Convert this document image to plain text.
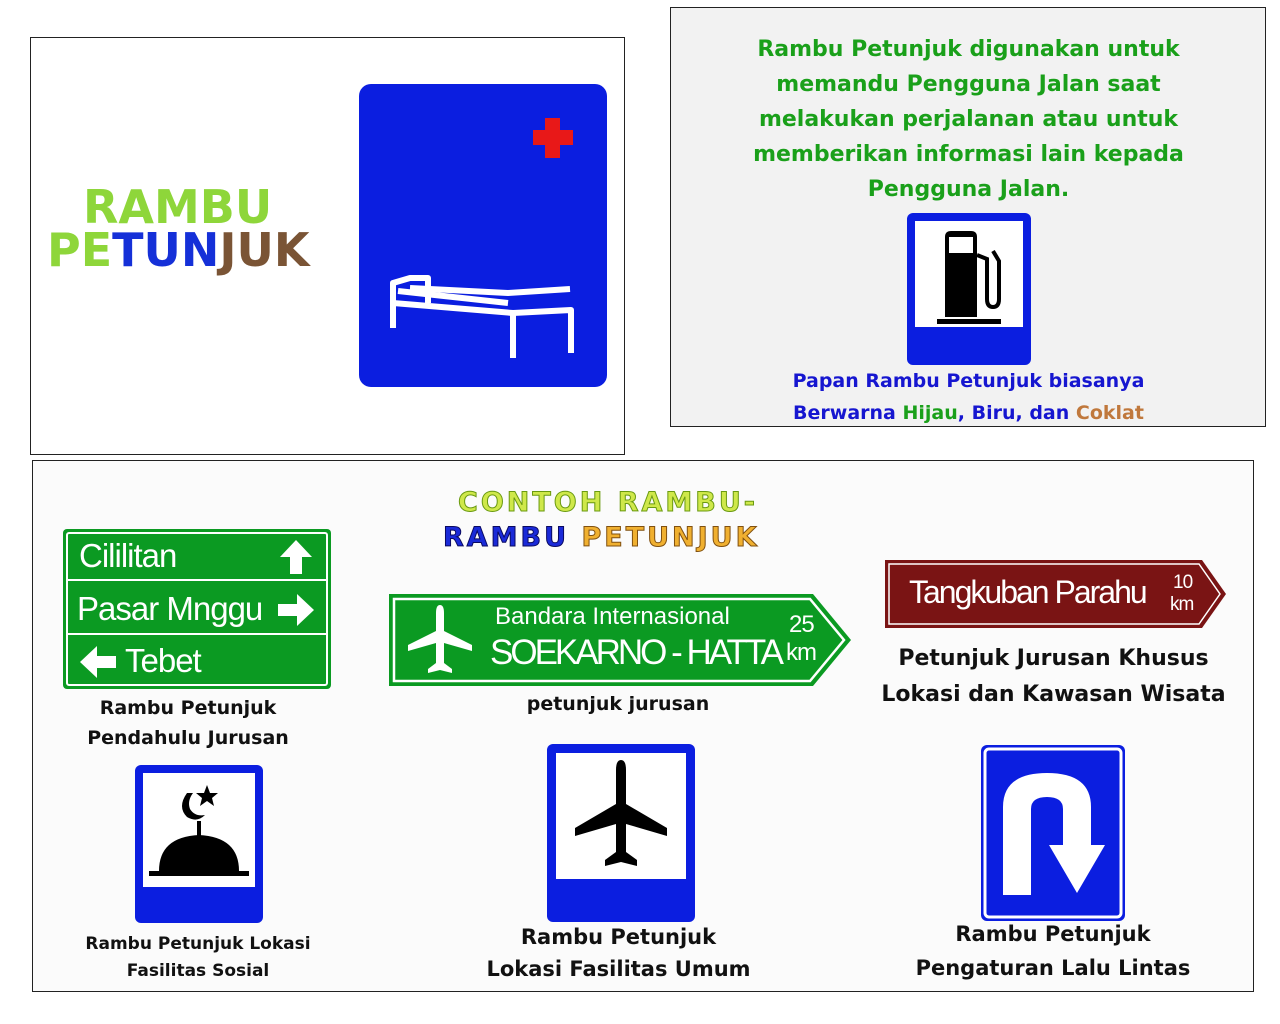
RAMBU
PETUNJUK
Rambu Petunjuk digunakan untuk memandu Pengguna Jalan saat melakukan perjalanan atau untuk memberikan informasi lain kepada Pengguna Jalan.
Papan Rambu Petunjuk biasanya
Berwarna Hijau, Biru, dan Coklat
CONTOH RAMBU-
RAMBU PETUNJUK
Cililitan
Pasar Mnggu
Tebet
Rambu Petunjuk Pendahulu Jurusan
Bandara Internasional
SOEKARNO - HATTA
25
km
petunjuk jurusan
Tangkuban Parahu 10
km
Petunjuk Jurusan Khusus Lokasi dan Kawasan Wisata
Rambu Petunjuk Lokasi Fasilitas Sosial
Rambu Petunjuk Lokasi Fasilitas Umum
Rambu Petunjuk Pengaturan Lalu Lintas
